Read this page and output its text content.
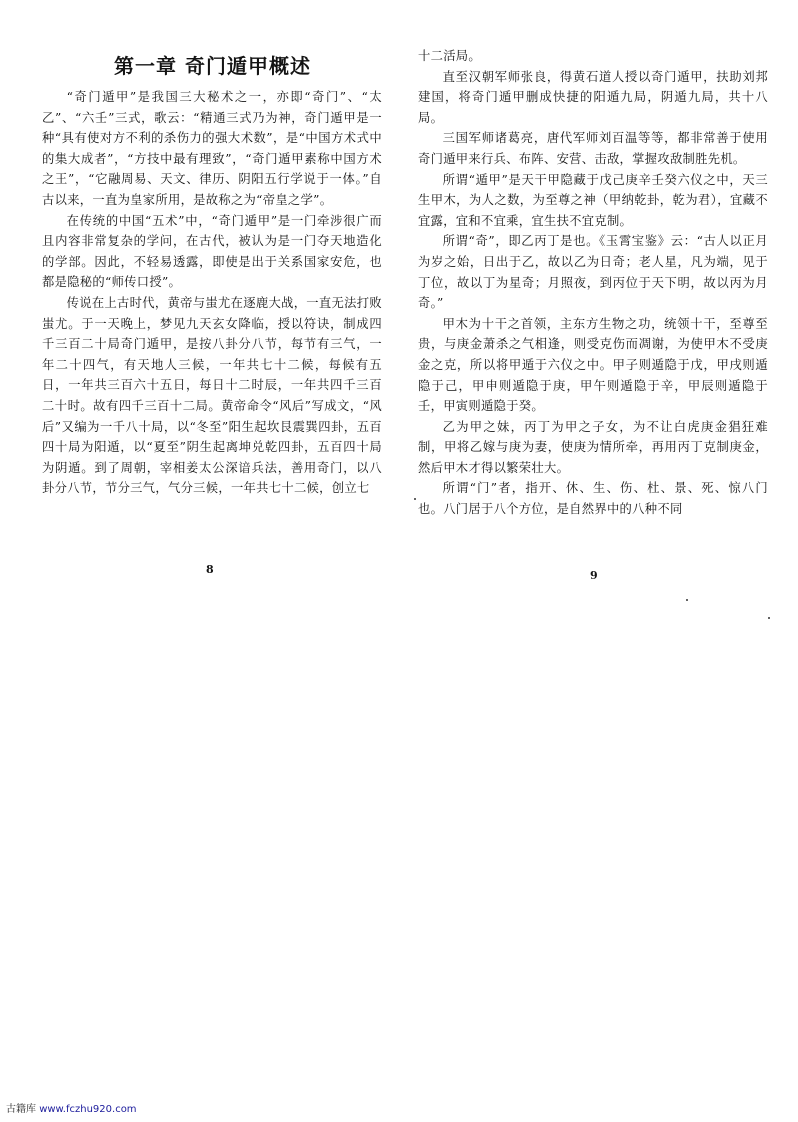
第一章 奇门遁甲概述

“奇门遁甲”是我国三大秘术之一，亦即“奇门”、“太乙”、“六壬”三式，歌云：“精通三式乃为神，奇门遁甲是一种“具有使对方不利的杀伤力的强大术数”，是“中国方术式中的集大成者”，“方技中最有理致”，“奇门遁甲素称中国方术之王”，“它融周易、天文、律历、阴阳五行学说于一体。”自古以来，一直为皇家所用，是故称之为“帝皇之学”。

在传统的中国“五术”中，“奇门遁甲”是一门牵涉很广而且内容非常复杂的学问，在古代，被认为是一门夺天地造化的学部。因此，不轻易透露，即使是出于关系国家安危，也都是隐秘的“师传口授”。

传说在上古时代，黄帝与蚩尤在逐鹿大战，一直无法打败蚩尤。于一天晚上，梦见九天玄女降临，授以符诀，制成四千三百二十局奇门遁甲，是按八卦分八节，每节有三气，一年二十四气，有天地人三候，一年共七十二候，每候有五日，一年共三百六十五日，每日十二时辰，一年共四千三百二十时。故有四千三百十二局。黄帝命令“风后”写成文，“风后”又编为一千八十局，以“冬至”阳生起坎艮震巽四卦，五百四十局为阳遁，以“夏至”阴生起离坤兑乾四卦，五百四十局为阴遁。到了周朝，宰相姜太公深谙兵法，善用奇门，以八卦分八节，节分三气，气分三候，一年共七十二候，创立七

8

十二活局。

直至汉朝军师张良，得黄石道人授以奇门遁甲，扶助刘邦建国，将奇门遁甲删成快捷的阳遁九局，阴遁九局，共十八局。

三国军师诸葛亮，唐代军师刘百温等等，都非常善于使用奇门遁甲来行兵、布阵、安营、击敌，掌握攻敌制胜先机。

所谓“遁甲”是天干甲隐藏于戊己庚辛壬癸六仪之中，天三生甲木，为人之数，为至尊之神（甲纳乾卦，乾为君），宜藏不宜露，宜和不宜乘，宜生扶不宜克制。

所谓“奇”，即乙丙丁是也。《玉霄宝鉴》云：“古人以正月为岁之始，日出于乙，故以乙为日奇；老人星，凡为端，见于丁位，故以丁为星奇；月照夜，到丙位于天下明，故以丙为月奇。”

甲木为十干之首领，主东方生物之功，统领十干，至尊至贵，与庚金萧杀之气相逢，则受克伤而凋谢，为使甲木不受庚金之克，所以将甲遁于六仪之中。甲子则遁隐于戊，甲戌则遁隐于己，甲申则遁隐于庚，甲午则遁隐于辛，甲辰则遁隐于壬，甲寅则遁隐于癸。

乙为甲之妹，丙丁为甲之子女，为不让白虎庚金猖狂难制，甲将乙嫁与庚为妻，使庚为情所牵，再用丙丁克制庚金，然后甲木才得以繁荣壮大。

所谓“门”者，指开、休、生、伤、杜、景、死、惊八门也。八门居于八个方位，是自然界中的八种不同

9
古籍库 www.fczhu920.com
